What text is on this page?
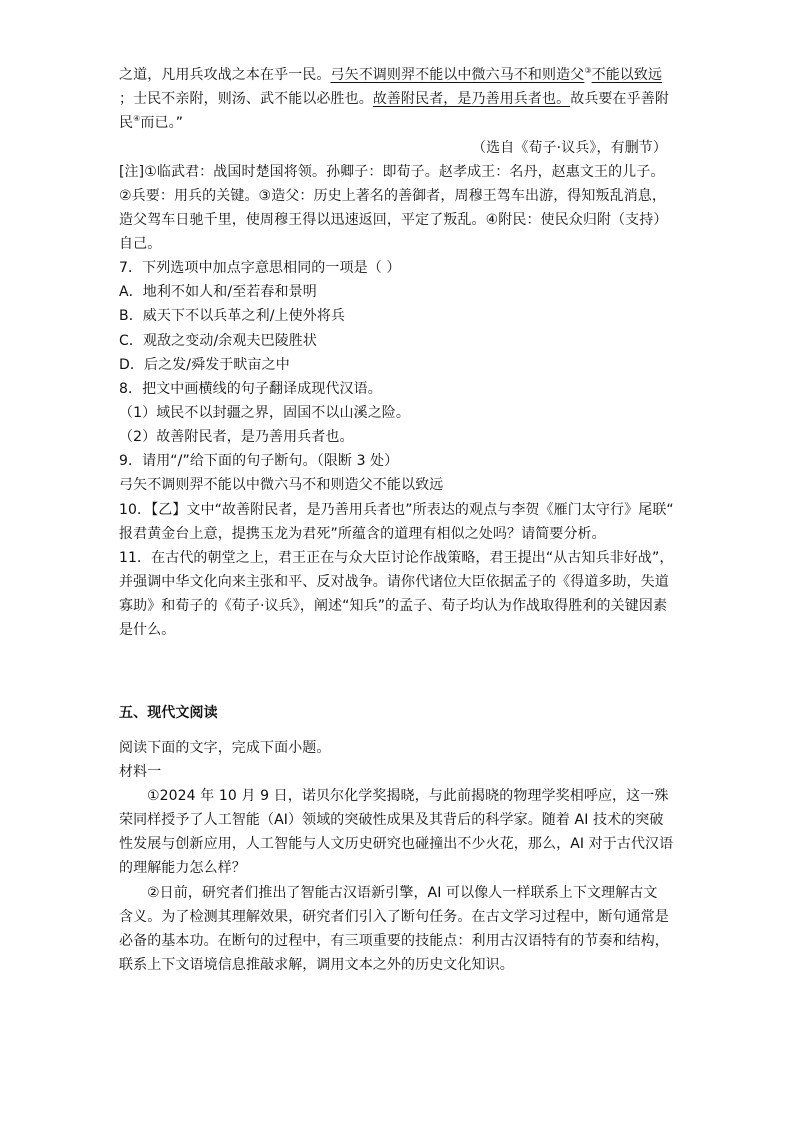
之道，凡用兵攻战之本在乎一民。弓矢不调则羿不能以中微六马不和则造父③不能以致远
；士民不亲附，则汤、武不能以必胜也。故善附民者，是乃善用兵者也。故兵要在乎善附
民④而已。”
（选自《荀子·议兵》，有删节）
[注]①临武君：战国时楚国将领。孙卿子：即荀子。赵孝成王：名丹，赵惠文王的儿子。
②兵要：用兵的关键。③造父：历史上著名的善御者，周穆王驾车出游，得知叛乱消息，
造父驾车日驰千里，使周穆王得以迅速返回，平定了叛乱。④附民：使民众归附（支持）
自己。
7．下列选项中加点字意思相同的一项是（ ）
A．地利不如人和/至若春和景明
B．威天下不以兵革之利/上使外将兵
C．观敌之变动/余观夫巴陵胜状
D．后之发/舜发于畎亩之中
8．把文中画横线的句子翻译成现代汉语。
（1）域民不以封疆之界，固国不以山溪之险。
（2）故善附民者，是乃善用兵者也。
9．请用“/”给下面的句子断句。（限断 3 处）
弓矢不调则羿不能以中微六马不和则造父不能以致远
10．【乙】文中“故善附民者，是乃善用兵者也”所表达的观点与李贺《雁门太守行》尾联“
报君黄金台上意，提携玉龙为君死”所蕴含的道理有相似之处吗？请简要分析。
11．在古代的朝堂之上，君王正在与众大臣讨论作战策略，君王提出“从古知兵非好战”，
并强调中华文化向来主张和平、反对战争。请你代诸位大臣依据孟子的《得道多助，失道
寡助》和荀子的《荀子·议兵》，阐述“知兵”的孟子、荀子均认为作战取得胜利的关键因素
是什么。
五、现代文阅读
阅读下面的文字，完成下面小题。
材料一
①2024 年 10 月 9 日，诺贝尔化学奖揭晓，与此前揭晓的物理学奖相呼应，这一殊
荣同样授予了人工智能（AI）领域的突破性成果及其背后的科学家。随着 AI 技术的突破
性发展与创新应用，人工智能与人文历史研究也碰撞出不少火花，那么，AI 对于古代汉语
的理解能力怎么样？
②日前，研究者们推出了智能古汉语新引擎，AI 可以像人一样联系上下文理解古文
含义。为了检测其理解效果，研究者们引入了断句任务。在古文学习过程中，断句通常是
必备的基本功。在断句的过程中，有三项重要的技能点：利用古汉语特有的节奏和结构，
联系上下文语境信息推敲求解，调用文本之外的历史文化知识。
